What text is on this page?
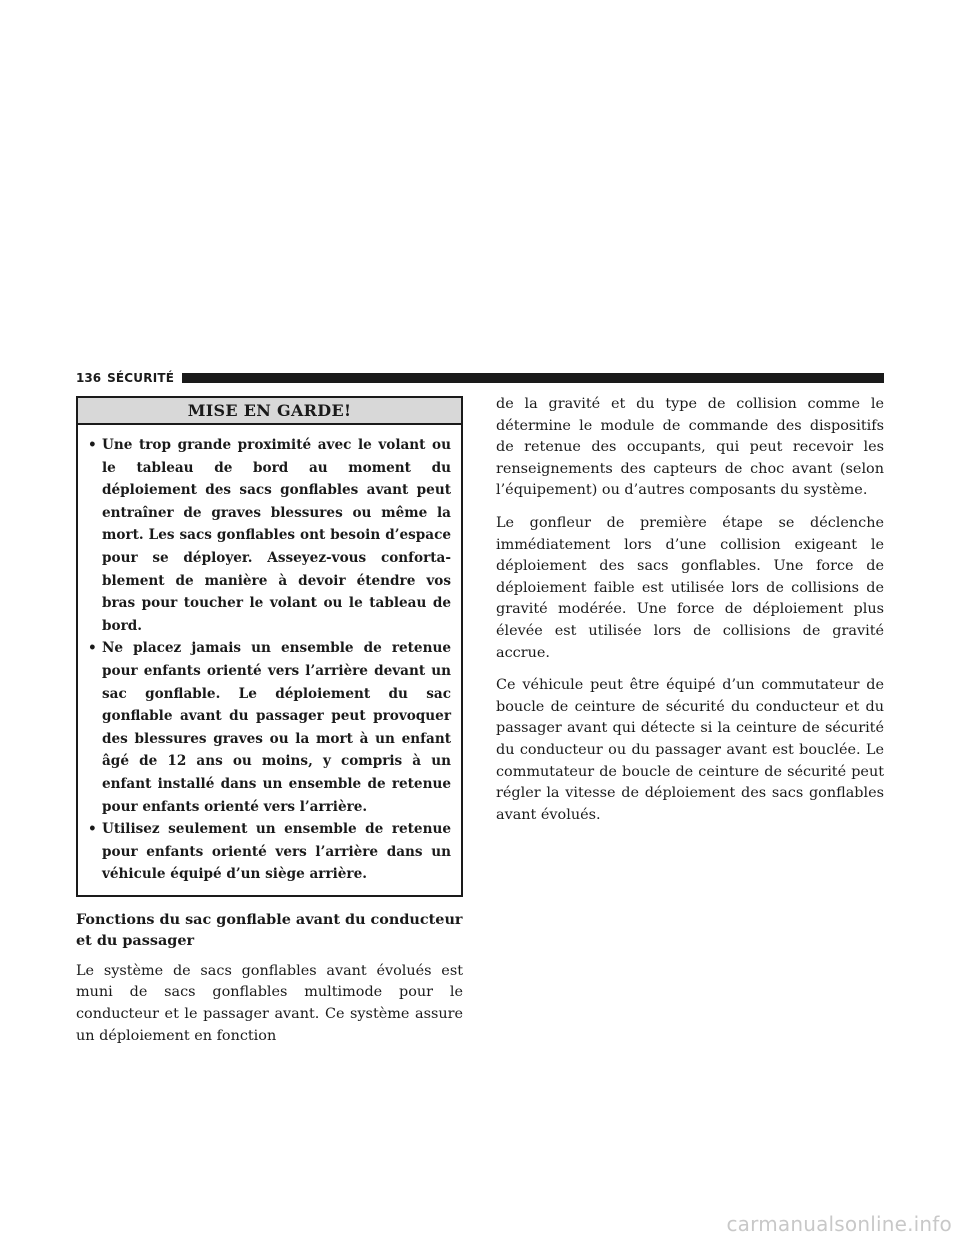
136 SÉCURITÉ
MISE EN GARDE!
• Une trop grande proximité avec le volant ou le tableau de bord au moment du déploiement des sacs gonflables avant peut entraîner de graves blessures ou même la mort. Les sacs gonflables ont besoin d’espace pour se déployer. Asseyez-vous confortablement de manière à devoir étendre vos bras pour toucher le volant ou le tableau de bord.
• Ne placez jamais un ensemble de retenue pour enfants orienté vers l’arrière devant un sac gonflable. Le déploiement du sac gonflable avant du passager peut provoquer des blessures graves ou la mort à un enfant âgé de 12 ans ou moins, y compris à un enfant installé dans un ensemble de retenue pour enfants orienté vers l’arrière.
• Utilisez seulement un ensemble de retenue pour enfants orienté vers l’arrière dans un véhicule équipé d’un siège arrière.
Fonctions du sac gonflable avant du conducteur et du passager

Le système de sacs gonflables avant évolués est muni de sacs gonflables multimode pour le conducteur et le passager avant. Ce système assure un déploiement en fonction

de la gravité et du type de collision comme le détermine le module de commande des dispositifs de retenue des occupants, qui peut recevoir les renseignements des capteurs de choc avant (selon l’équipement) ou d’autres composants du système.

Le gonfleur de première étape se déclenche immédiatement lors d’une collision exigeant le déploiement des sacs gonflables. Une force de déploiement faible est utilisée lors de collisions de gravité modérée. Une force de déploiement plus élevée est utilisée lors de collisions de gravité accrue.

Ce véhicule peut être équipé d’un commutateur de boucle de ceinture de sécurité du conducteur et du passager avant qui détecte si la ceinture de sécurité du conducteur ou du passager avant est bouclée. Le commutateur de boucle de ceinture de sécurité peut régler la vitesse de déploiement des sacs gonflables avant évolués.

carmanualsonline.info
